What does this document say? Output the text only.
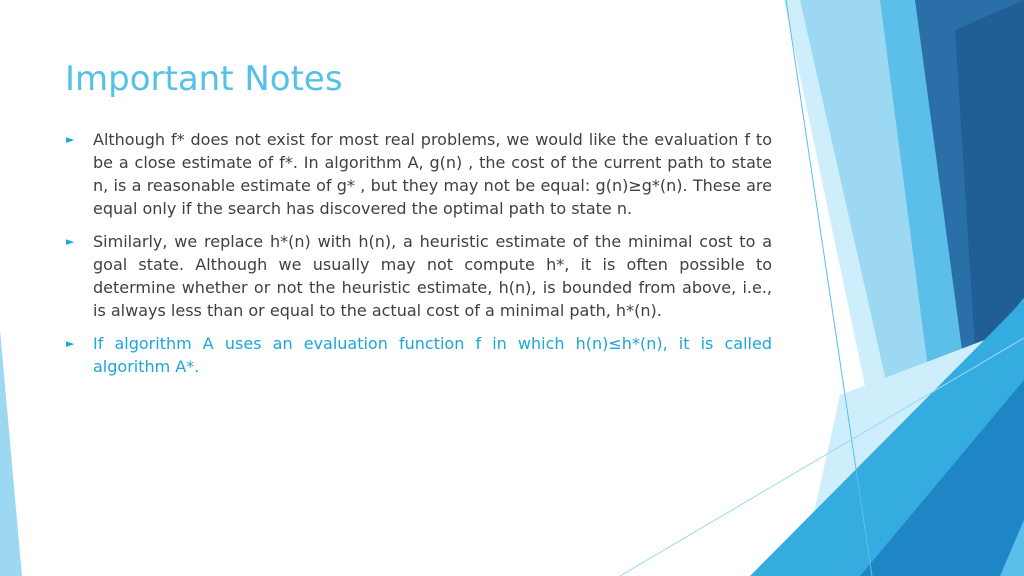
Important Notes
►	Although f* does not exist for most real problems, we would like the evaluation f to be a close estimate of f*. In algorithm A, g(n) , the cost of the current path to state n, is a reasonable estimate of g* , but they may not be equal: g(n)≥g*(n). These are equal only if the search has discovered the optimal path to state n.
►	Similarly, we replace h*(n) with h(n), a heuristic estimate of the minimal cost to a goal state. Although we usually may not compute h*, it is often possible to determine whether or not the heuristic estimate, h(n), is bounded from above, i.e., is always less than or equal to the actual cost of a minimal path, h*(n).
►	If algorithm A uses an evaluation function f in which h(n)≤h*(n), it is called algorithm A*.
